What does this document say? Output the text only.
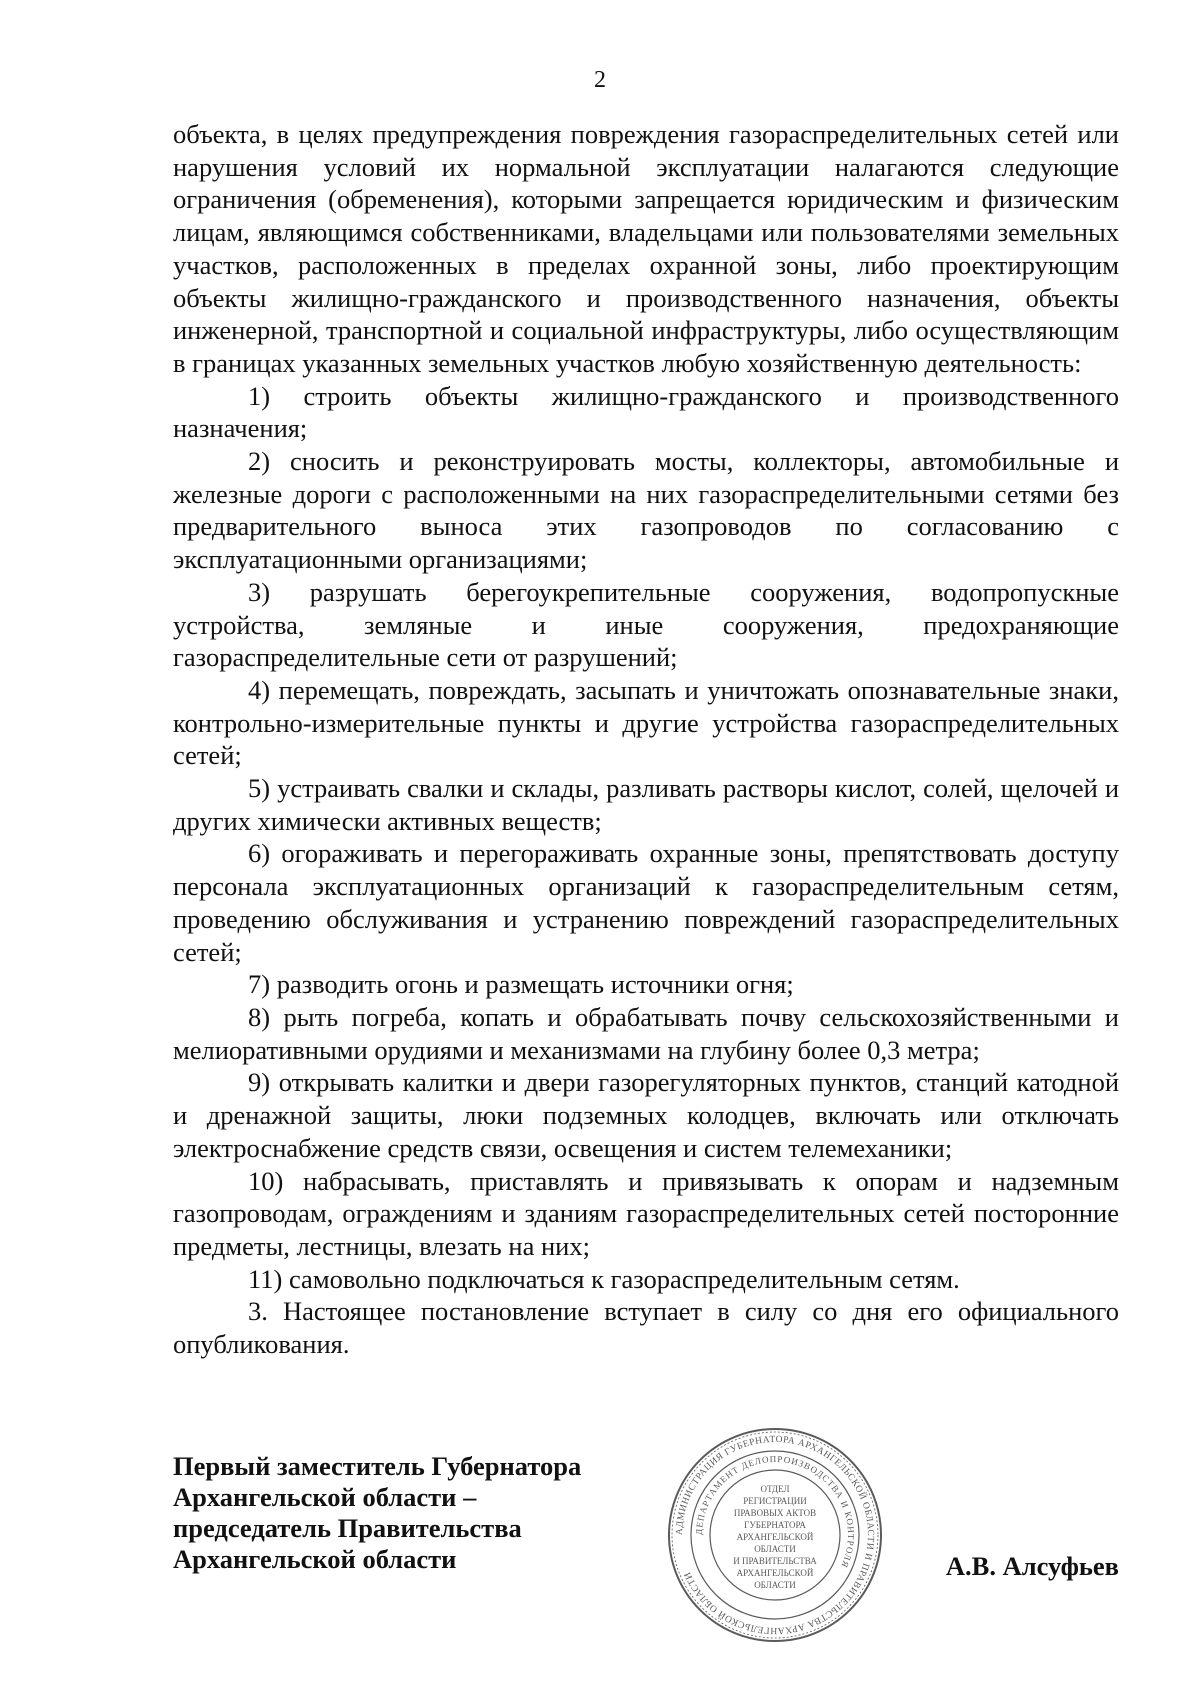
2

объекта, в целях предупреждения повреждения газораспределительных сетей или нарушения условий их нормальной эксплуатации налагаются следующие ограничения (обременения), которыми запрещается юридическим и физическим лицам, являющимся собственниками, владельцами или пользователями земельных участков, расположенных в пределах охранной зоны, либо проектирующим объекты жилищно-гражданского и производственного назначения, объекты инженерной, транспортной и социальной инфраструктуры, либо осуществляющим в границах указанных земельных участков любую хозяйственную деятельность:

1) строить объекты жилищно-гражданского и производственного назначения;

2) сносить и реконструировать мосты, коллекторы, автомобильные и железные дороги с расположенными на них газораспределительными сетями без предварительного выноса этих газопроводов по согласованию с эксплуатационными организациями;

3) разрушать берегоукрепительные сооружения, водопропускные устройства, земляные и иные сооружения, предохраняющие газораспределительные сети от разрушений;

4) перемещать, повреждать, засыпать и уничтожать опознавательные знаки, контрольно-измерительные пункты и другие устройства газораспределительных сетей;

5) устраивать свалки и склады, разливать растворы кислот, солей, щелочей и других химически активных веществ;

6) огораживать и перегораживать охранные зоны, препятствовать доступу персонала эксплуатационных организаций к газораспределительным сетям, проведению обслуживания и устранению повреждений газораспределительных сетей;

7) разводить огонь и размещать источники огня;

8) рыть погреба, копать и обрабатывать почву сельскохозяйственными и мелиоративными орудиями и механизмами на глубину более 0,3 метра;

9) открывать калитки и двери газорегуляторных пунктов, станций катодной и дренажной защиты, люки подземных колодцев, включать или отключать электроснабжение средств связи, освещения и систем телемеханики;

10) набрасывать, приставлять и привязывать к опорам и надземным газопроводам, ограждениям и зданиям газораспределительных сетей посторонние предметы, лестницы, влезать на них;

11) самовольно подключаться к газораспределительным сетям.

3. Настоящее постановление вступает в силу со дня его официального опубликования.

Первый заместитель Губернатора
Архангельской области –
председатель Правительства
Архангельской области
АДМИНИСТРАЦИЯ ГУБЕРНАТОРА АРХАНГЕЛЬСКОЙ ОБЛАСТИ И ПРАВИТЕЛЬСТВА АРХАНГЕЛЬСКОЙ ОБЛАСТИ
ДЕПАРТАМЕНТ ДЕЛОПРОИЗВОДСТВА И КОНТРОЛЯ
ОТДЕЛ
РЕГИСТРАЦИИ
ПРАВОВЫХ АКТОВ
ГУБЕРНАТОРА
АРХАНГЕЛЬСКОЙ
ОБЛАСТИ
И ПРАВИТЕЛЬСТВА
АРХАНГЕЛЬСКОЙ
ОБЛАСТИ
А.В. Алсуфьев
